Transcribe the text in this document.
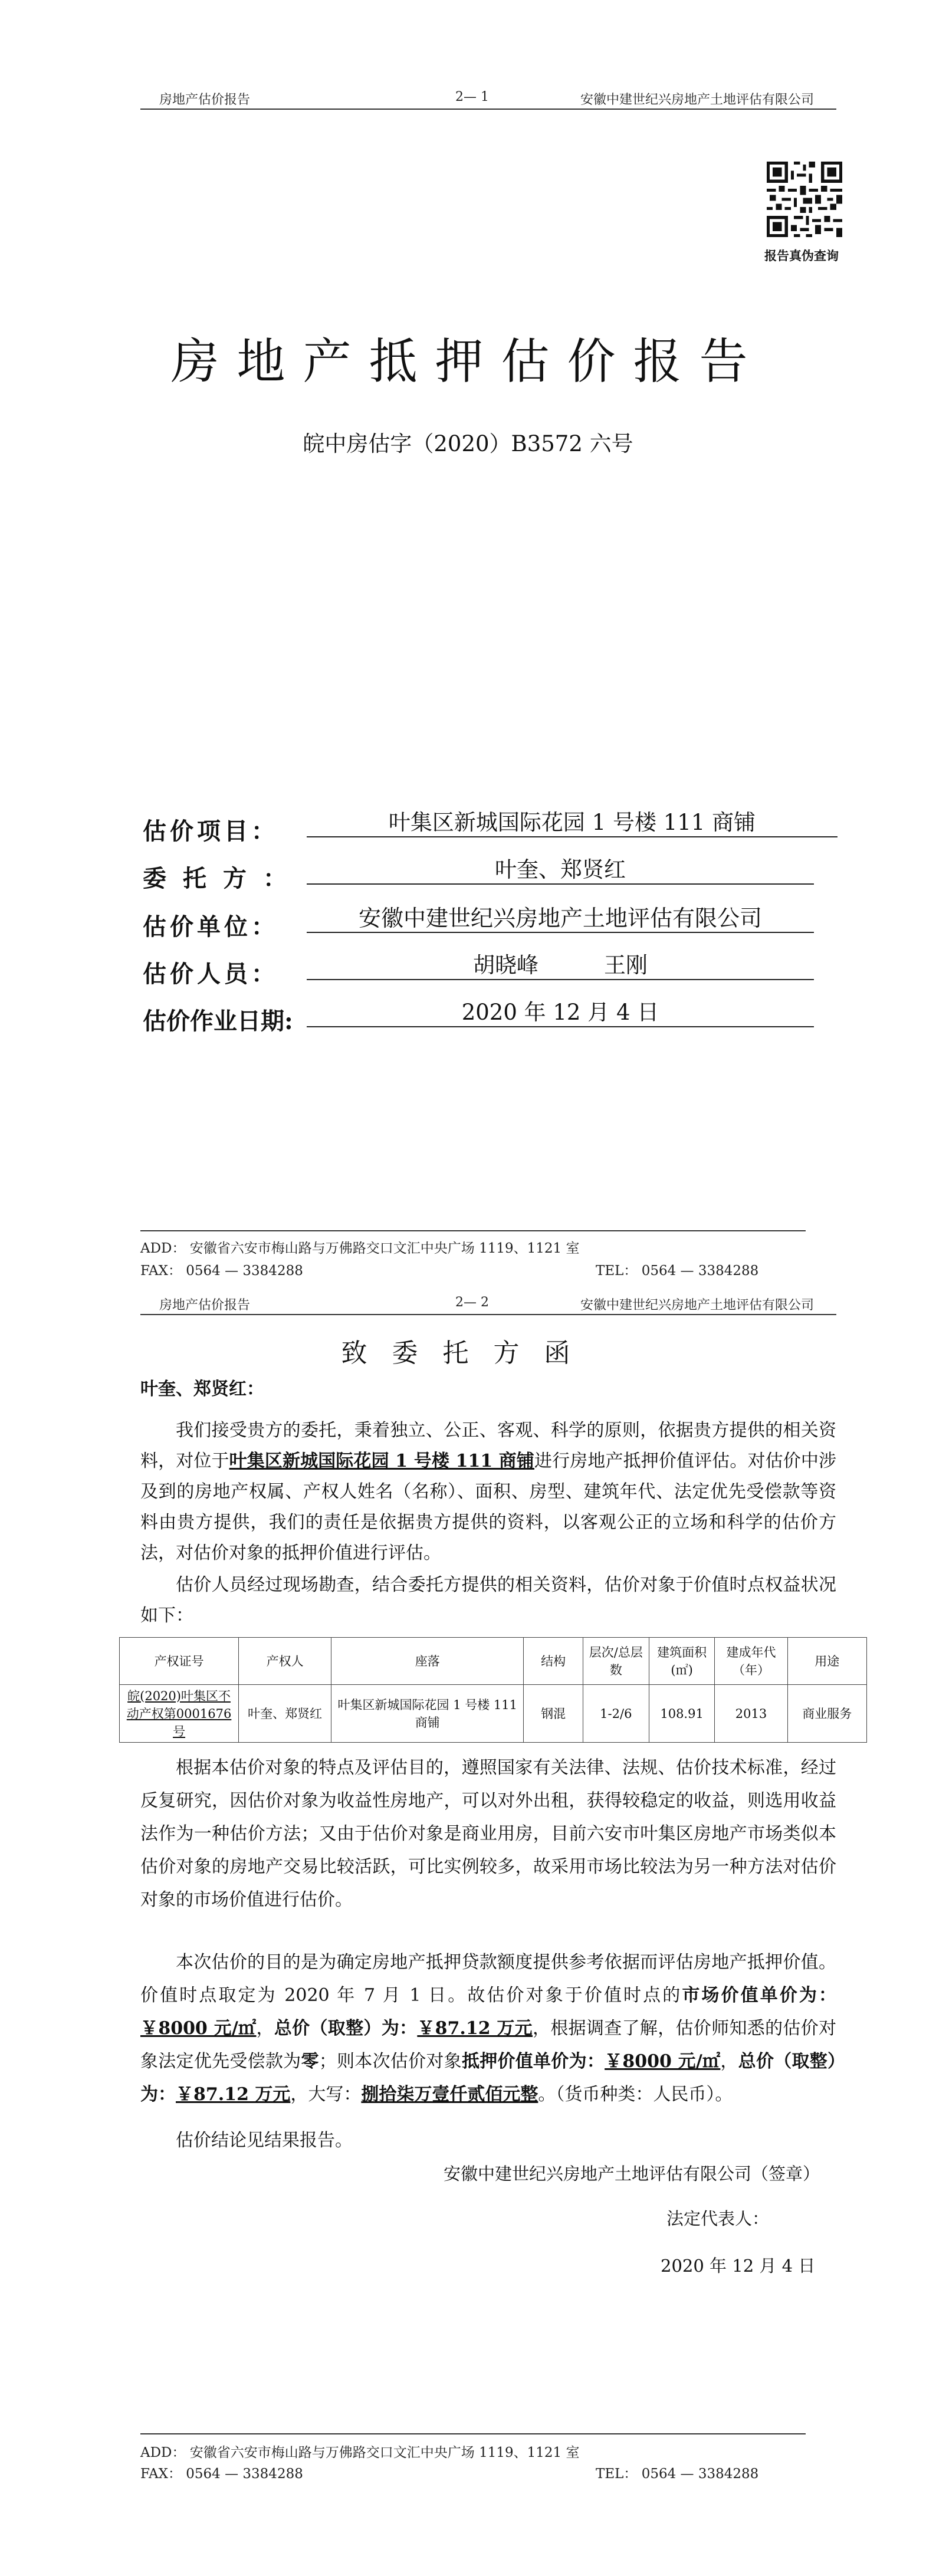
房地产估价报告	2— 1	安徽中建世纪兴房地产土地评估有限公司
报告真伪查询
房地产抵押估价报告
皖中房估字（2020）B3572 六号
估价项目：	叶集区新城国际花园 1 号楼 111 商铺
委托方：	叶奎、郑贤红
估价单位：	安徽中建世纪兴房地产土地评估有限公司
估价人员：	胡晓峰　　　王刚
估价作业日期:	2020 年 12 月 4 日
ADD： 安徽省六安市梅山路与万佛路交口文汇中央广场 1119、1121 室
FAX： 0564 — 3384288	TEL： 0564 — 3384288
房地产估价报告	2— 2	安徽中建世纪兴房地产土地评估有限公司
致委托方函
叶奎、郑贤红：
我们接受贵方的委托，秉着独立、公正、客观、科学的原则，依据贵方提供的相关资料，对位于叶集区新城国际花园 1 号楼 111 商铺进行房地产抵押价值评估。对估价中涉及到的房地产权属、产权人姓名（名称）、面积、房型、建筑年代、法定优先受偿款等资料由贵方提供，我们的责任是依据贵方提供的资料，以客观公正的立场和科学的估价方法，对估价对象的抵押价值进行评估。
估价人员经过现场勘查，结合委托方提供的相关资料，估价对象于价值时点权益状况如下：
产权证号	产权人	座落	结构	层次/总层数	建筑面积(㎡)	建成年代（年）	用途
皖(2020)叶集区不动产权第0001676 号	叶奎、郑贤红	叶集区新城国际花园 1 号楼 111 商铺	钢混	1-2/6	108.91	2013	商业服务
根据本估价对象的特点及评估目的，遵照国家有关法律、法规、估价技术标准，经过反复研究，因估价对象为收益性房地产，可以对外出租，获得较稳定的收益，则选用收益法作为一种估价方法；又由于估价对象是商业用房，目前六安市叶集区房地产市场类似本估价对象的房地产交易比较活跃，可比实例较多，故采用市场比较法为另一种方法对估价对象的市场价值进行估价。
本次估价的目的是为确定房地产抵押贷款额度提供参考依据而评估房地产抵押价值。价值时点取定为 2020 年 7 月 1 日。故估价对象于价值时点的市场价值单价为：￥8000 元/㎡，总价（取整）为：￥87.12 万元，根据调查了解，估价师知悉的估价对象法定优先受偿款为零；则本次估价对象抵押价值单价为：￥8000 元/㎡，总价（取整）为：￥87.12 万元，大写：捌拾柒万壹仟贰佰元整。（货币种类：人民币）。
估价结论见结果报告。
安徽中建世纪兴房地产土地评估有限公司（签章）
法定代表人：
2020 年 12 月 4 日
ADD： 安徽省六安市梅山路与万佛路交口文汇中央广场 1119、1121 室
FAX： 0564 — 3384288	TEL： 0564 — 3384288
